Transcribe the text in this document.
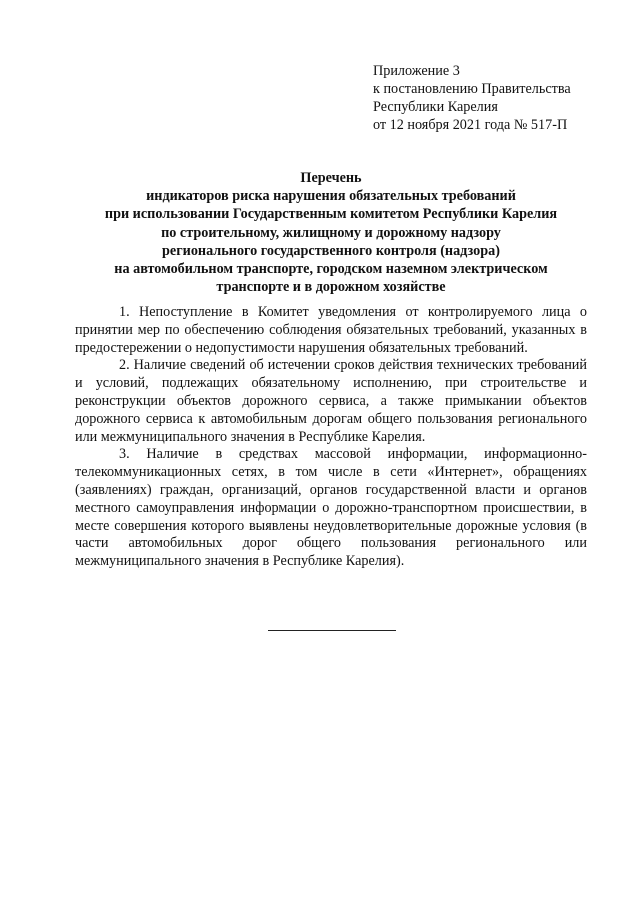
Приложение 3
к постановлению Правительства
Республики Карелия
от 12 ноября 2021 года № 517-П
Перечень
индикаторов риска нарушения обязательных требований
при использовании Государственным комитетом Республики Карелия
по строительному, жилищному и дорожному надзору
регионального государственного контроля (надзора)
на автомобильном транспорте, городском наземном электрическом
транспорте и в дорожном хозяйстве

1. Непоступление в Комитет уведомления от контролируемого лица о принятии мер по обеспечению соблюдения обязательных требований, указанных в предостережении о недопустимости нарушения обязательных требований.

2. Наличие сведений об истечении сроков действия технических требований и условий, подлежащих обязательному исполнению, при строительстве и реконструкции объектов дорожного сервиса, а также примыкании объектов дорожного сервиса к автомобильным дорогам общего пользования регионального или межмуниципального значения в Республике Карелия.

3. Наличие в средствах массовой информации, информационно-телекоммуникационных сетях, в том числе в сети «Интернет», обращениях (заявлениях) граждан, организаций, органов государственной власти и органов местного самоуправления информации о дорожно-транспортном происшествии, в месте совершения которого выявлены неудовлетворительные дорожные условия (в части автомобильных дорог общего пользования регионального или межмуниципального значения в Республике Карелия).
